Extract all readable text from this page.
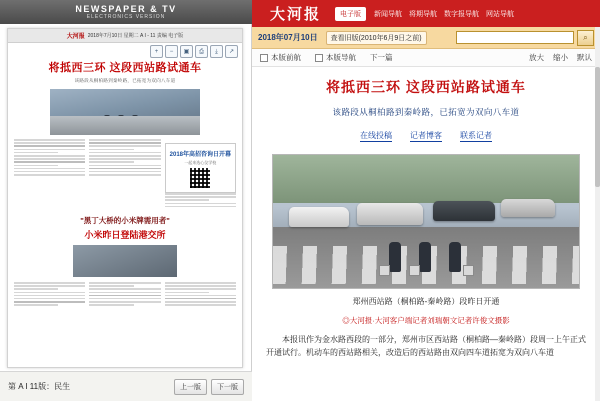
NEWSPAPER & TV
ELECTRONICS VERSION
大河报 2018年7月10日 星期二 A I - 11 责编 电子版
+	−	▣	⎙	⤓	↗
将抵西三环 这段西站路试通车
该路段从桐柏路到秦岭路，已拓宽为双向八车道
2018年高招咨询日开幕
一起来选心仪学校
"黑丁大桥的小米牌需用者"
小米昨日登陆港交所
第 A I 11版：民生	上一版	下一版
大河报	电子版	新闻导航 将期导航 数字报导航 网站导航
2018年07月10日	查看旧版(2010年6月9日之前)	⌕
本版前航	本版导航 下一篇	放大 缩小 默认
将抵西三环 这段西站路试通车
该路段从桐柏路到秦岭路，已拓宽为双向八车道
在线投稿 记者博客 联系记者
郑州西站路（桐柏路-秦岭路）段昨日开通
◎大河报·大河客户端记者刘瑞朝文记者许俊文摄影
本报讯作为金水路西段的一部分，郑州市区西站路（桐柏路—秦岭路）段周一上午正式开通试行。机动车的西站路相关，改造后的西站路由双向四车道拓宽为双向八车道
